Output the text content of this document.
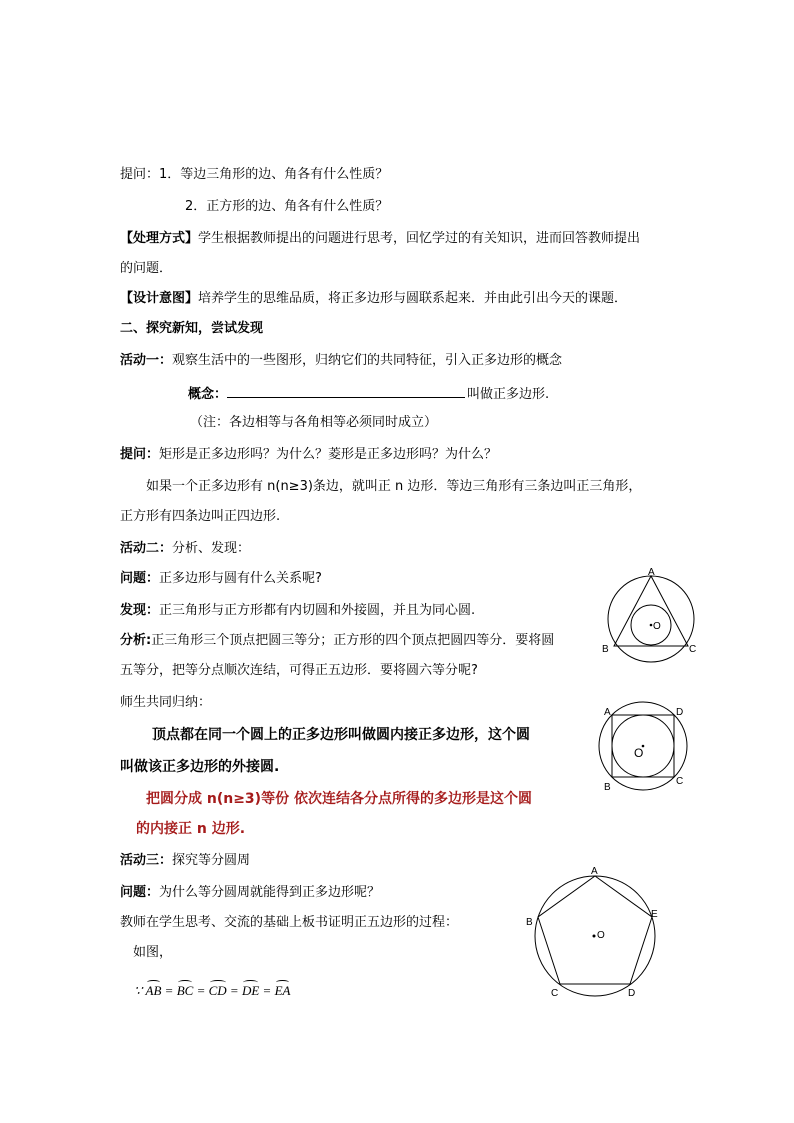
提问：1．等边三角形的边、角各有什么性质？
2．正方形的边、角各有什么性质？
【处理方式】学生根据教师提出的问题进行思考，回忆学过的有关知识，进而回答教师提出
的问题．
【设计意图】培养学生的思维品质，将正多边形与圆联系起来．并由此引出今天的课题．
二、探究新知，尝试发现
活动一：观察生活中的一些图形，归纳它们的共同特征，引入正多边形的概念
概念：	叫做正多边形.
（注：各边相等与各角相等必须同时成立）
提问：矩形是正多边形吗？为什么？菱形是正多边形吗？为什么？
如果一个正多边形有 n(n≥3)条边，就叫正 n 边形．等边三角形有三条边叫正三角形，
正方形有四条边叫正四边形.
活动二：分析、发现：
问题：正多边形与圆有什么关系呢?
发现：正三角形与正方形都有内切圆和外接圆，并且为同心圆.
分析:正三角形三个顶点把圆三等分；正方形的四个顶点把圆四等分．要将圆
五等分，把等分点顺次连结，可得正五边形．要将圆六等分呢?
师生共同归纳：
顶点都在同一个圆上的正多边形叫做圆内接正多边形，这个圆
叫做该正多边形的外接圆.
把圆分成 n(n≥3)等份 依次连结各分点所得的多边形是这个圆
的内接正 n 边形.
活动三：探究等分圆周
问题：为什么等分圆周就能得到正多边形呢？
教师在学生思考、交流的基础上板书证明正五边形的过程：
如图，
∵ AB = BC = CD = DE = EA
A
B	C
O
A
B
C
D
O
A
B
C	D
E
O
